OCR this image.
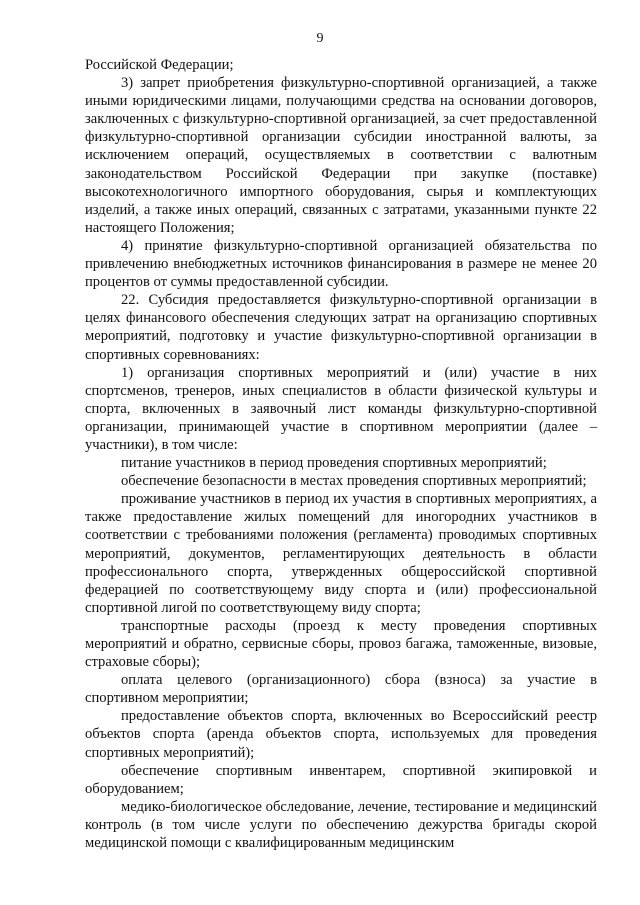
9

Российской Федерации;

3) запрет приобретения физкультурно-спортивной организацией, а также иными юридическими лицами, получающими средства на основании договоров, заключенных с физкультурно-спортивной организацией, за счет предоставленной физкультурно-спортивной организации субсидии иностранной валюты, за исключением операций, осуществляемых в соответствии с валютным законодательством Российской Федерации при закупке (поставке) высокотехнологичного импортного оборудования, сырья и комплектующих изделий, а также иных операций, связанных с затратами, указанными пункте 22 настоящего Положения;

4) принятие физкультурно-спортивной организацией обязательства по привлечению внебюджетных источников финансирования в размере не менее 20 процентов от суммы предоставленной субсидии.

22. Субсидия предоставляется физкультурно-спортивной организации в целях финансового обеспечения следующих затрат на организацию спортивных мероприятий, подготовку и участие физкультурно-спортивной организации в спортивных соревнованиях:

1) организация спортивных мероприятий и (или) участие в них спортсменов, тренеров, иных специалистов в области физической культуры и спорта, включенных в заявочный лист команды физкультурно-спортивной организации, принимающей участие в спортивном мероприятии (далее – участники), в том числе:

питание участников в период проведения спортивных мероприятий;

обеспечение безопасности в местах проведения спортивных мероприятий;

проживание участников в период их участия в спортивных мероприятиях, а также предоставление жилых помещений для иногородних участников в соответствии с требованиями положения (регламента) проводимых спортивных мероприятий, документов, регламентирующих деятельность в области профессионального спорта, утвержденных общероссийской спортивной федерацией по соответствующему виду спорта и (или) профессиональной спортивной лигой по соответствующему виду спорта;

транспортные расходы (проезд к месту проведения спортивных мероприятий и обратно, сервисные сборы, провоз багажа, таможенные, визовые, страховые сборы);

оплата целевого (организационного) сбора (взноса) за участие в спортивном мероприятии;

предоставление объектов спорта, включенных во Всероссийский реестр объектов спорта (аренда объектов спорта, используемых для проведения спортивных мероприятий);

обеспечение спортивным инвентарем, спортивной экипировкой и оборудованием;

медико-биологическое обследование, лечение, тестирование и медицинский контроль (в том числе услуги по обеспечению дежурства бригады скорой медицинской помощи с квалифицированным медицинским
